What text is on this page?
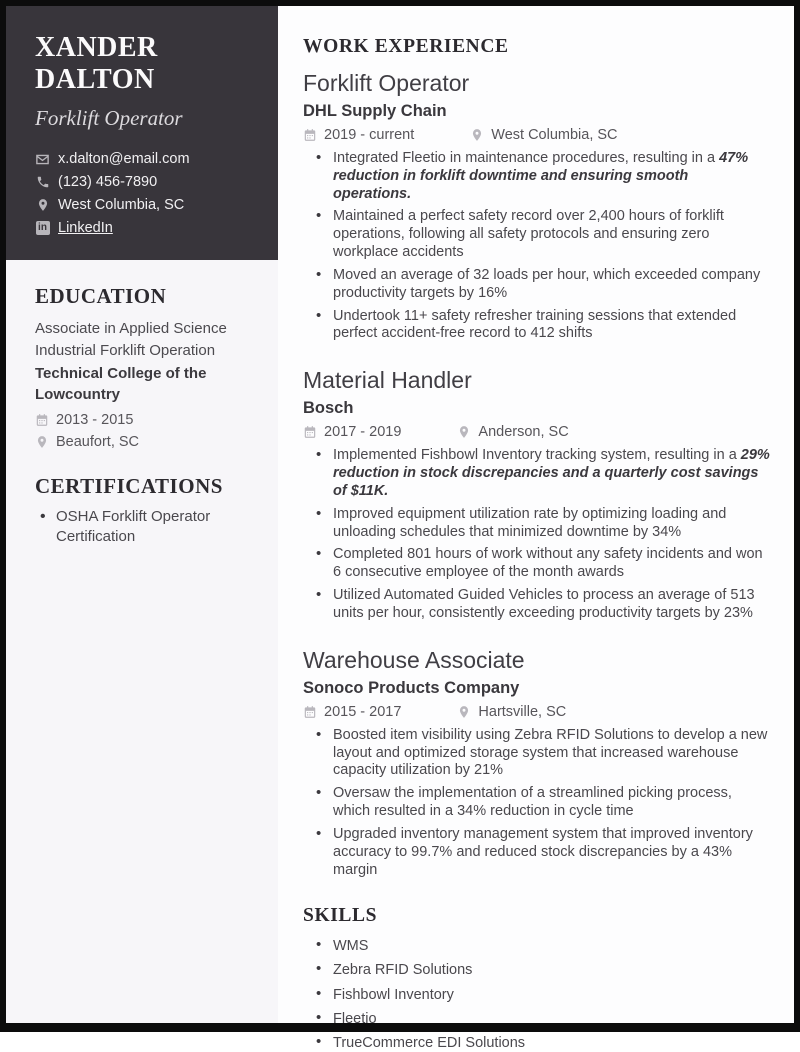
XANDER DALTON
Forklift Operator
x.dalton@email.com
(123) 456-7890
West Columbia, SC
in LinkedIn
EDUCATION
Associate in Applied Science Industrial Forklift Operation
Technical College of the Lowcountry
2013 - 2015
Beaufort, SC
CERTIFICATIONS
• OSHA Forklift Operator Certification
WORK EXPERIENCE
Forklift Operator
DHL Supply Chain
2019 - current	West Columbia, SC
• Integrated Fleetio in maintenance procedures, resulting in a 47% reduction in forklift downtime and ensuring smooth operations.
• Maintained a perfect safety record over 2,400 hours of forklift operations, following all safety protocols and ensuring zero workplace accidents
• Moved an average of 32 loads per hour, which exceeded company productivity targets by 16%
• Undertook 11+ safety refresher training sessions that extended perfect accident-free record to 412 shifts
Material Handler
Bosch
2017 - 2019	Anderson, SC
• Implemented Fishbowl Inventory tracking system, resulting in a 29% reduction in stock discrepancies and a quarterly cost savings of $11K.
• Improved equipment utilization rate by optimizing loading and unloading schedules that minimized downtime by 34%
• Completed 801 hours of work without any safety incidents and won 6 consecutive employee of the month awards
• Utilized Automated Guided Vehicles to process an average of 513 units per hour, consistently exceeding productivity targets by 23%
Warehouse Associate
Sonoco Products Company
2015 - 2017	Hartsville, SC
• Boosted item visibility using Zebra RFID Solutions to develop a new layout and optimized storage system that increased warehouse capacity utilization by 21%
• Oversaw the implementation of a streamlined picking process, which resulted in a 34% reduction in cycle time
• Upgraded inventory management system that improved inventory accuracy to 99.7% and reduced stock discrepancies by a 43% margin
SKILLS
• WMS
• Zebra RFID Solutions
• Fishbowl Inventory
• Fleetio
• TrueCommerce EDI Solutions
